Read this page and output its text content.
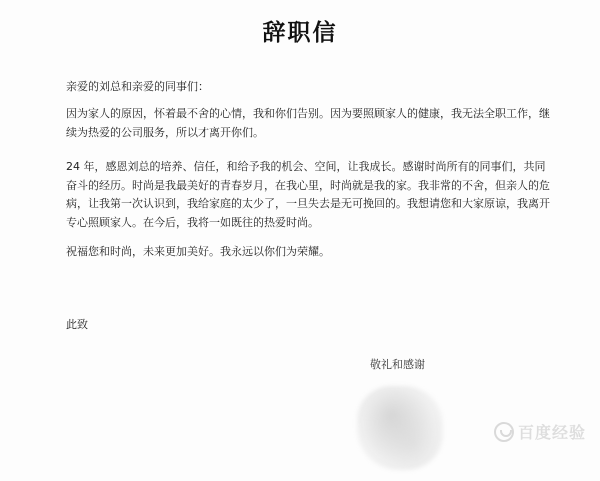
辞职信

亲爱的刘总和亲爱的同事们：

因为家人的原因，怀着最不舍的心情，我和你们告别。因为要照顾家人的健康，我无法全职工作，继续为热爱的公司服务，所以才离开你们。

24 年，感恩刘总的培养、信任，和给予我的机会、空间，让我成长。感谢时尚所有的同事们，共同奋斗的经历。时尚是我最美好的青春岁月，在我心里，时尚就是我的家。我非常的不舍，但亲人的危病，让我第一次认识到，我给家庭的太少了，一旦失去是无可挽回的。我想请您和大家原谅，我离开专心照顾家人。在今后，我将一如既往的热爱时尚。

祝福您和时尚，未来更加美好。我永远以你们为荣耀。

此致
敬礼和感谢
百度经验
